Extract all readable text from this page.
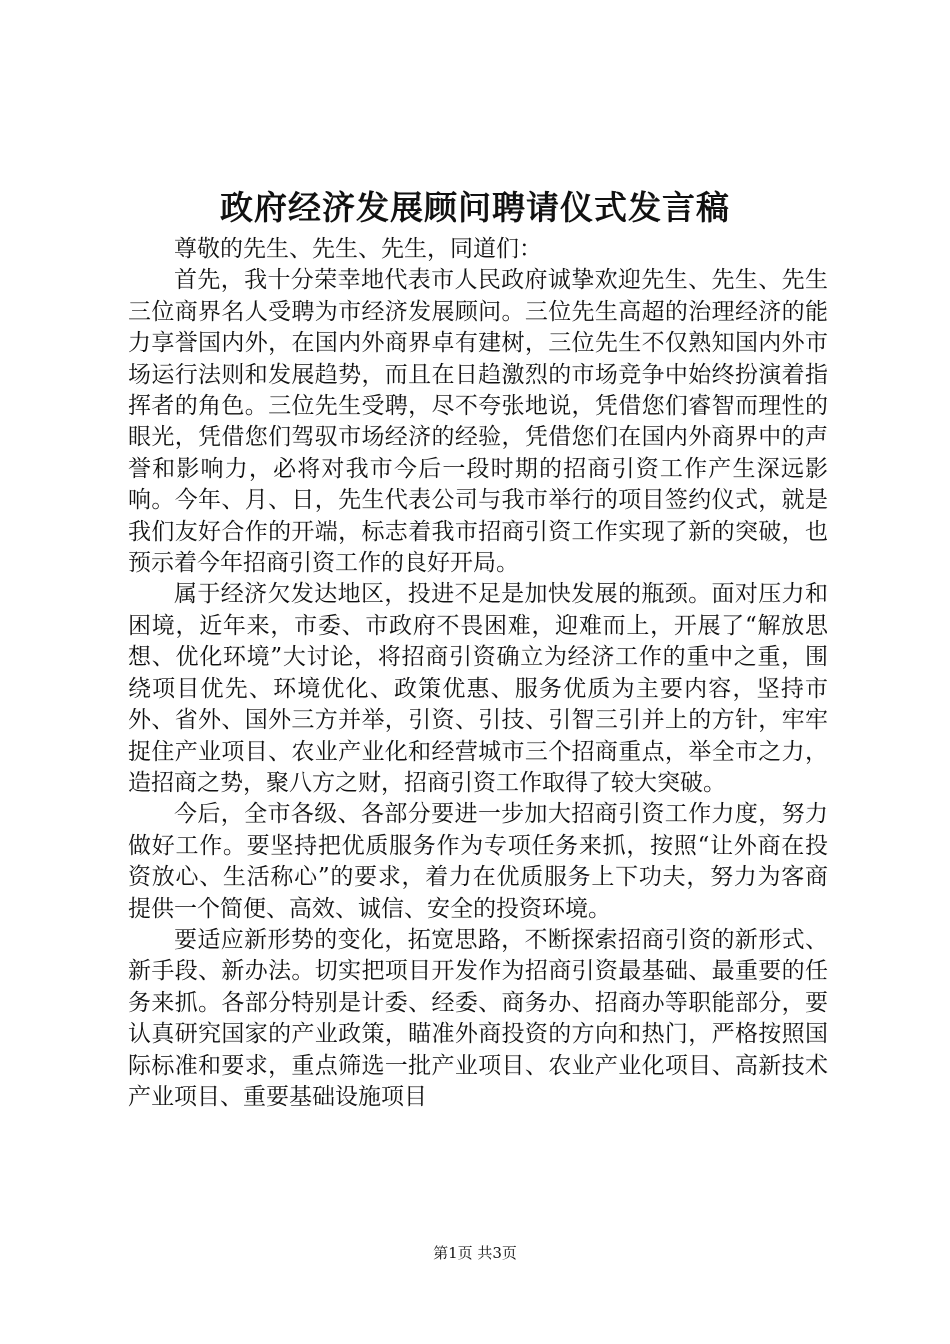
政府经济发展顾问聘请仪式发言稿

尊敬的先生、先生、先生，同道们：

首先，我十分荣幸地代表市人民政府诚挚欢迎先生、先生、先生三位商界名人受聘为市经济发展顾问。三位先生高超的治理经济的能力享誉国内外，在国内外商界卓有建树，三位先生不仅熟知国内外市场运行法则和发展趋势，而且在日趋激烈的市场竞争中始终扮演着指挥者的角色。三位先生受聘，尽不夸张地说，凭借您们睿智而理性的眼光，凭借您们驾驭市场经济的经验，凭借您们在国内外商界中的声誉和影响力，必将对我市今后一段时期的招商引资工作产生深远影响。今年、月、日，先生代表公司与我市举行的项目签约仪式，就是我们友好合作的开端，标志着我市招商引资工作实现了新的突破，也预示着今年招商引资工作的良好开局。

属于经济欠发达地区，投进不足是加快发展的瓶颈。面对压力和困境，近年来，市委、市政府不畏困难，迎难而上，开展了“解放思想、优化环境”大讨论，将招商引资确立为经济工作的重中之重，围绕项目优先、环境优化、政策优惠、服务优质为主要内容，坚持市外、省外、国外三方并举，引资、引技、引智三引并上的方针，牢牢捉住产业项目、农业产业化和经营城市三个招商重点，举全市之力，造招商之势，聚八方之财，招商引资工作取得了较大突破。

今后，全市各级、各部分要进一步加大招商引资工作力度，努力做好工作。要坚持把优质服务作为专项任务来抓，按照“让外商在投资放心、生活称心”的要求，着力在优质服务上下功夫，努力为客商提供一个简便、高效、诚信、安全的投资环境。

要适应新形势的变化，拓宽思路，不断探索招商引资的新形式、新手段、新办法。切实把项目开发作为招商引资最基础、最重要的任务来抓。各部分特别是计委、经委、商务办、招商办等职能部分，要认真研究国家的产业政策，瞄准外商投资的方向和热门，严格按照国际标准和要求，重点筛选一批产业项目、农业产业化项目、高新技术产业项目、重要基础设施项目

第1页 共3页
